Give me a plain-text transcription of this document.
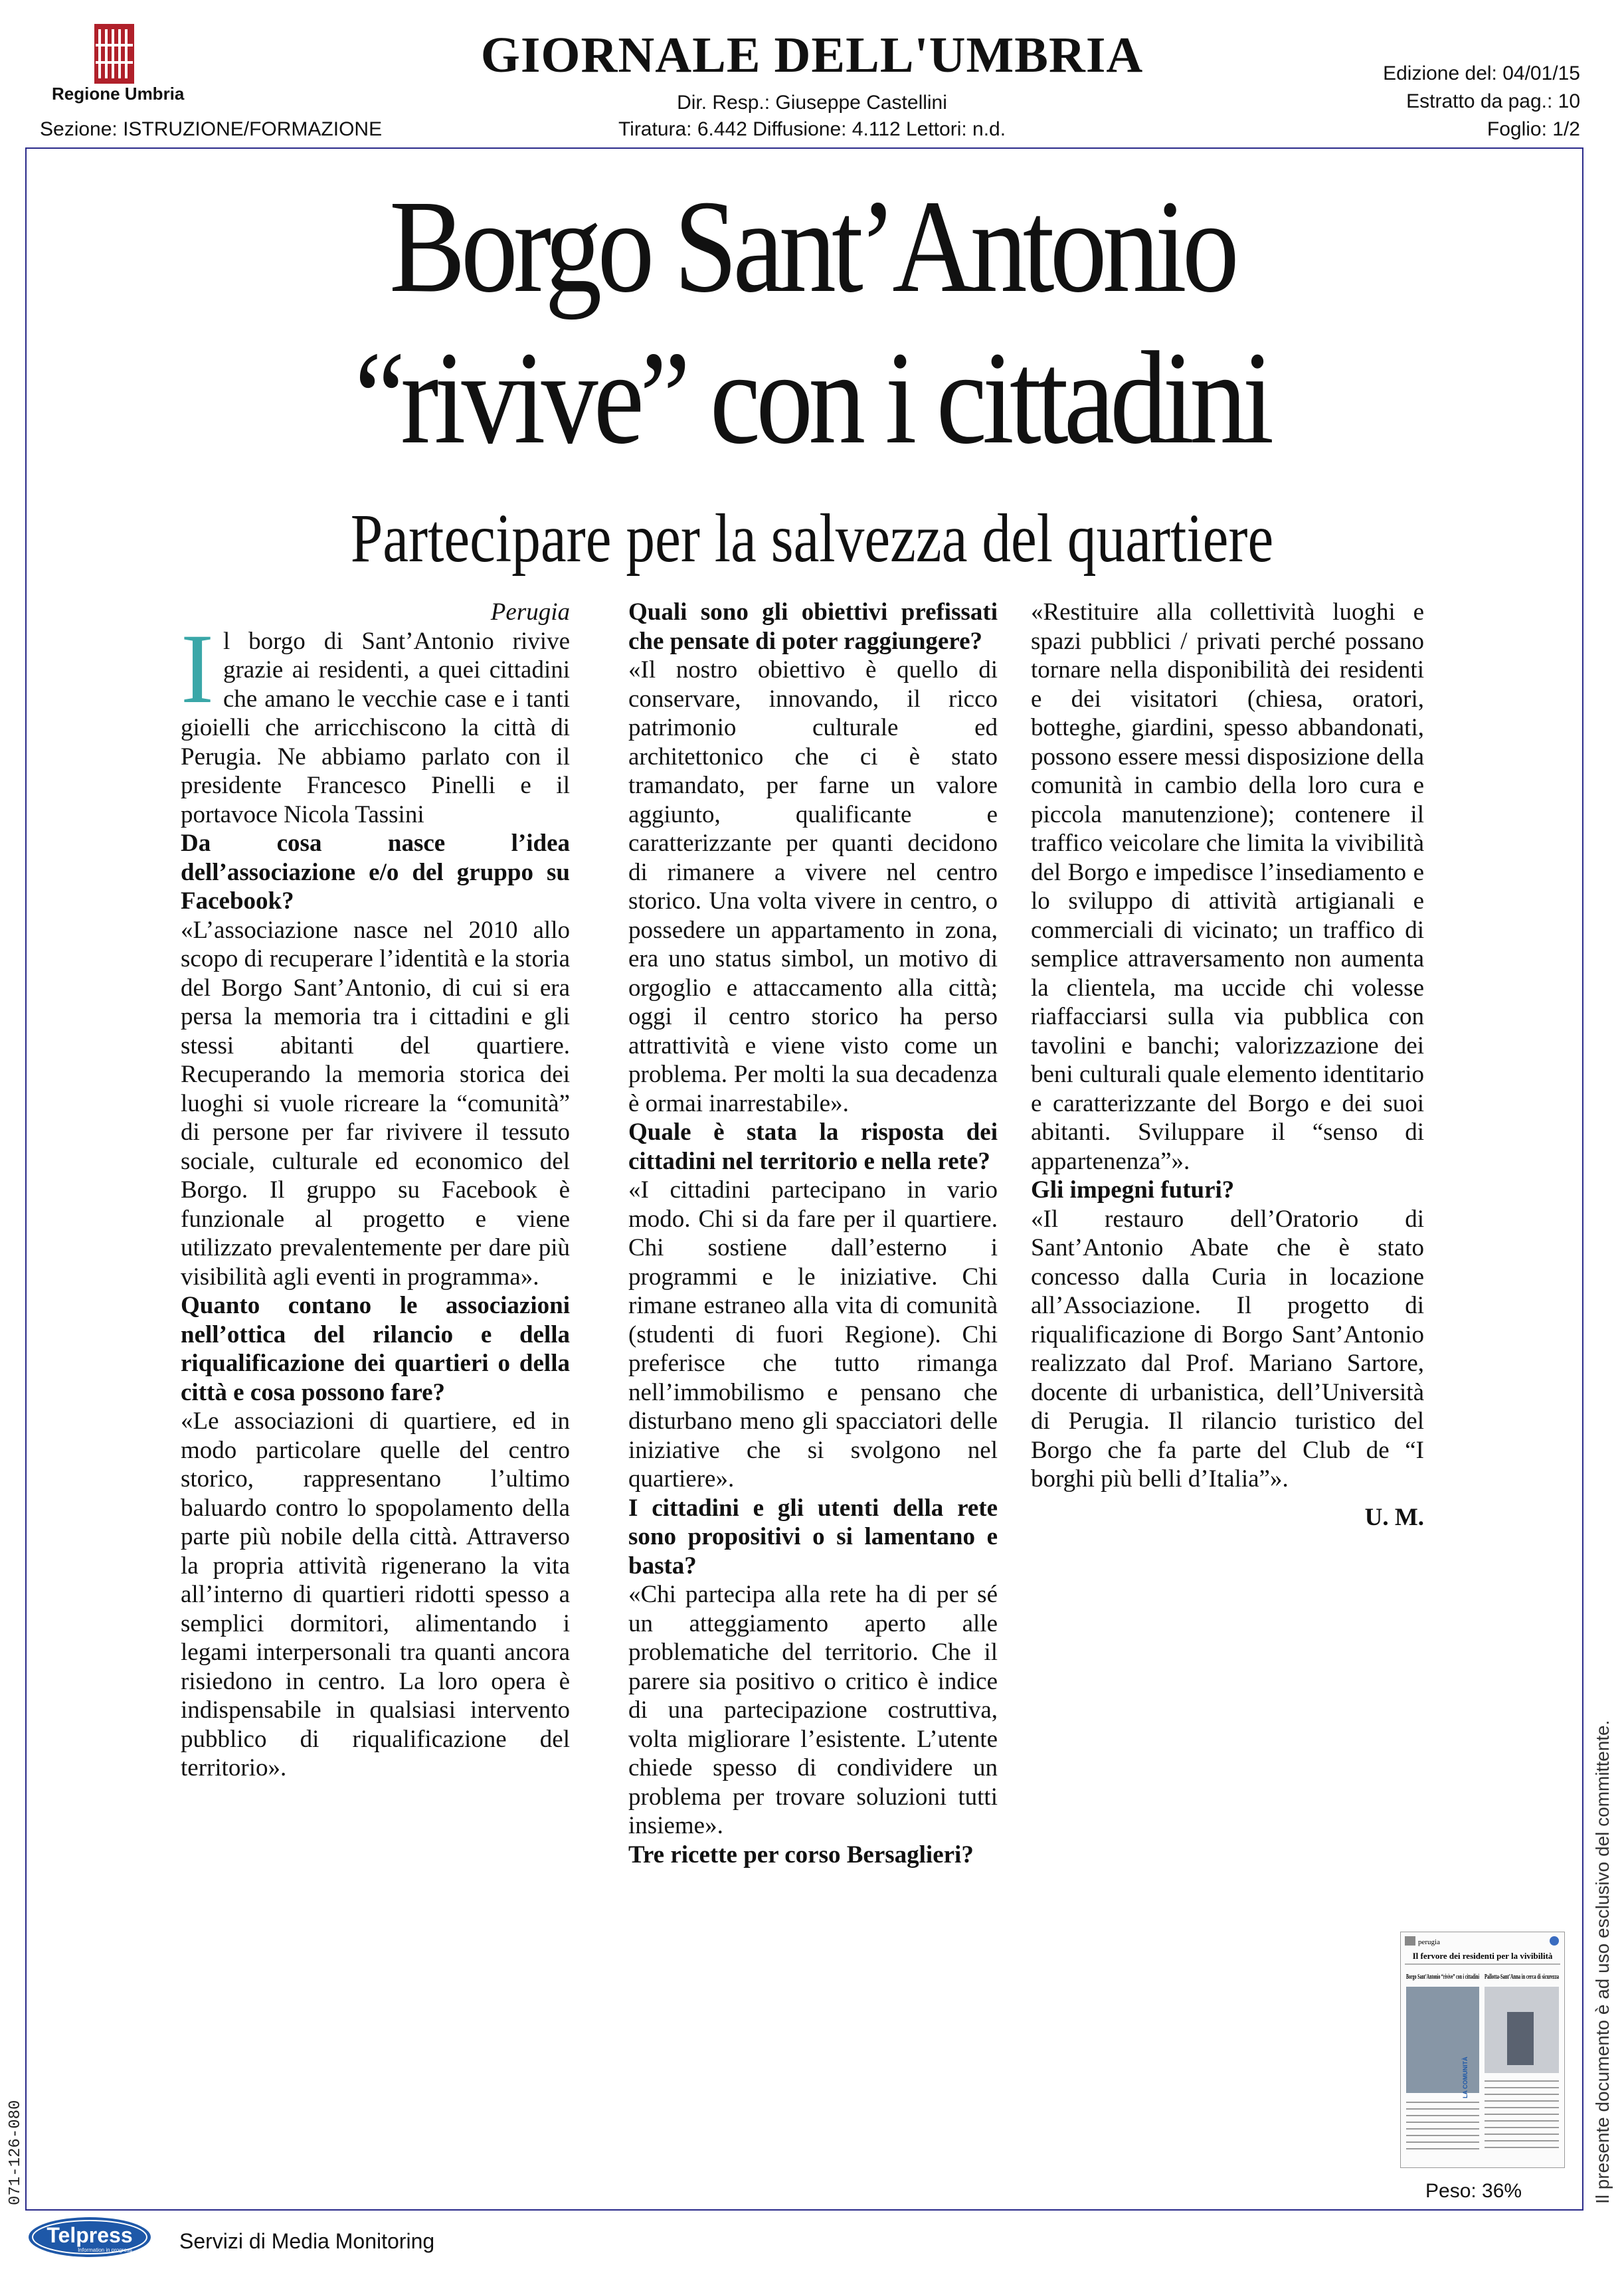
Regione Umbria
GIORNALE DELL'UMBRIA
Dir. Resp.: Giuseppe Castellini
Tiratura: 6.442 Diffusione: 4.112 Lettori: n.d.
Sezione: ISTRUZIONE/FORMAZIONE
Edizione del: 04/01/15
Estratto da pag.: 10
Foglio: 1/2
Borgo Sant’Antonio
“rivive” con i cittadini
Partecipare per la salvezza del quartiere

Perugia

I l borgo di Sant’Antonio rivive grazie ai residenti, a quei cittadini che amano le vecchie case e i tanti gioielli che arricchiscono la città di Perugia. Ne abbiamo parlato con il presidente Francesco Pinelli e il portavoce Nicola Tassini

Da cosa nasce l’idea dell’associazione e/o del gruppo su Facebook?

«L’associazione nasce nel 2010 allo scopo di recuperare l’identità e la storia del Borgo Sant’Antonio, di cui si era persa la memoria tra i cittadini e gli stessi abitanti del quartiere. Recuperando la memoria storica dei luoghi si vuole ricreare la “comunità” di persone per far rivivere il tessuto sociale, culturale ed economico del Borgo. Il gruppo su Facebook è funzionale al progetto e viene utilizzato prevalentemente per dare più visibilità agli eventi in programma».

Quanto contano le associazioni nell’ottica del rilancio e della riqualificazione dei quartieri o della città e cosa possono fare?

«Le associazioni di quartiere, ed in modo particolare quelle del centro storico, rappresentano l’ultimo baluardo contro lo spopolamento della parte più nobile della città. Attraverso la propria attività rigenerano la vita all’interno di quartieri ridotti spesso a semplici dormitori, alimentando i legami interpersonali tra quanti ancora risiedono in centro. La loro opera è indispensabile in qualsiasi intervento pubblico di riqualificazione del territorio».

Quali sono gli obiettivi prefissati che pensate di poter raggiungere?

«Il nostro obiettivo è quello di conservare, innovando, il ricco patrimonio culturale ed architettonico che ci è stato tramandato, per farne un valore aggiunto, qualificante e caratterizzante per quanti decidono di rimanere a vivere nel centro storico. Una volta vivere in centro, o possedere un appartamento in zona, era uno status simbol, un motivo di orgoglio e attaccamento alla città; oggi il centro storico ha perso attrattività e viene visto come un problema. Per molti la sua decadenza è ormai inarrestabile».

Quale è stata la risposta dei cittadini nel territorio e nella rete?

«I cittadini partecipano in vario modo. Chi si da fare per il quartiere. Chi sostiene dall’esterno i programmi e le iniziative. Chi rimane estraneo alla vita di comunità (studenti di fuori Regione). Chi preferisce che tutto rimanga nell’immobilismo e pensano che disturbano meno gli spacciatori delle iniziative che si svolgono nel quartiere».

I cittadini e gli utenti della rete sono propositivi o si lamentano e basta?

«Chi partecipa alla rete ha di per sé un atteggiamento aperto alle problematiche del territorio. Che il parere sia positivo o critico è indice di una partecipazione costruttiva, volta migliorare l’esistente. L’utente chiede spesso di condividere un problema per trovare soluzioni tutti insieme».

Tre ricette per corso Bersaglieri?

«Restituire alla collettività luoghi e spazi pubblici / privati perché possano tornare nella disponibilità dei residenti e dei visitatori (chiesa, oratori, botteghe, giardini, spesso abbandonati, possono essere messi disposizione della comunità in cambio della loro cura e piccola manutenzione); contenere il traffico veicolare che limita la vivibilità del Borgo e impedisce l’insediamento e lo sviluppo di attività artigianali e commerciali di vicinato; un traffico di semplice attraversamento non aumenta la clientela, ma uccide chi volesse riaffacciarsi sulla via pubblica con tavolini e banchi; valorizzazione dei beni culturali quale elemento identitario e caratterizzante del Borgo e dei suoi abitanti. Sviluppare il “senso di appartenenza”».

Gli impegni futuri?

«Il restauro dell’Oratorio di Sant’Antonio Abate che è stato concesso dalla Curia in locazione all’Associazione. Il progetto di riqualificazione di Borgo Sant’Antonio realizzato dal Prof. Mariano Sartore, docente di urbanistica, dell’Università di Perugia. Il rilancio turistico del Borgo che fa parte del Club de “I borghi più belli d’Italia”».

U. M.

perugia
Il fervore dei residenti per la vivibilità
Borgo Sant’Antonio “rivive” con i cittadini Pallotta-Sant’Anna in cerca di sicurezza
LA COMUNITÀ
Peso: 36%	Il presente documento è ad uso esclusivo del committente.
071-126-080
Telpress
Information in progress Servizi di Media Monitoring
